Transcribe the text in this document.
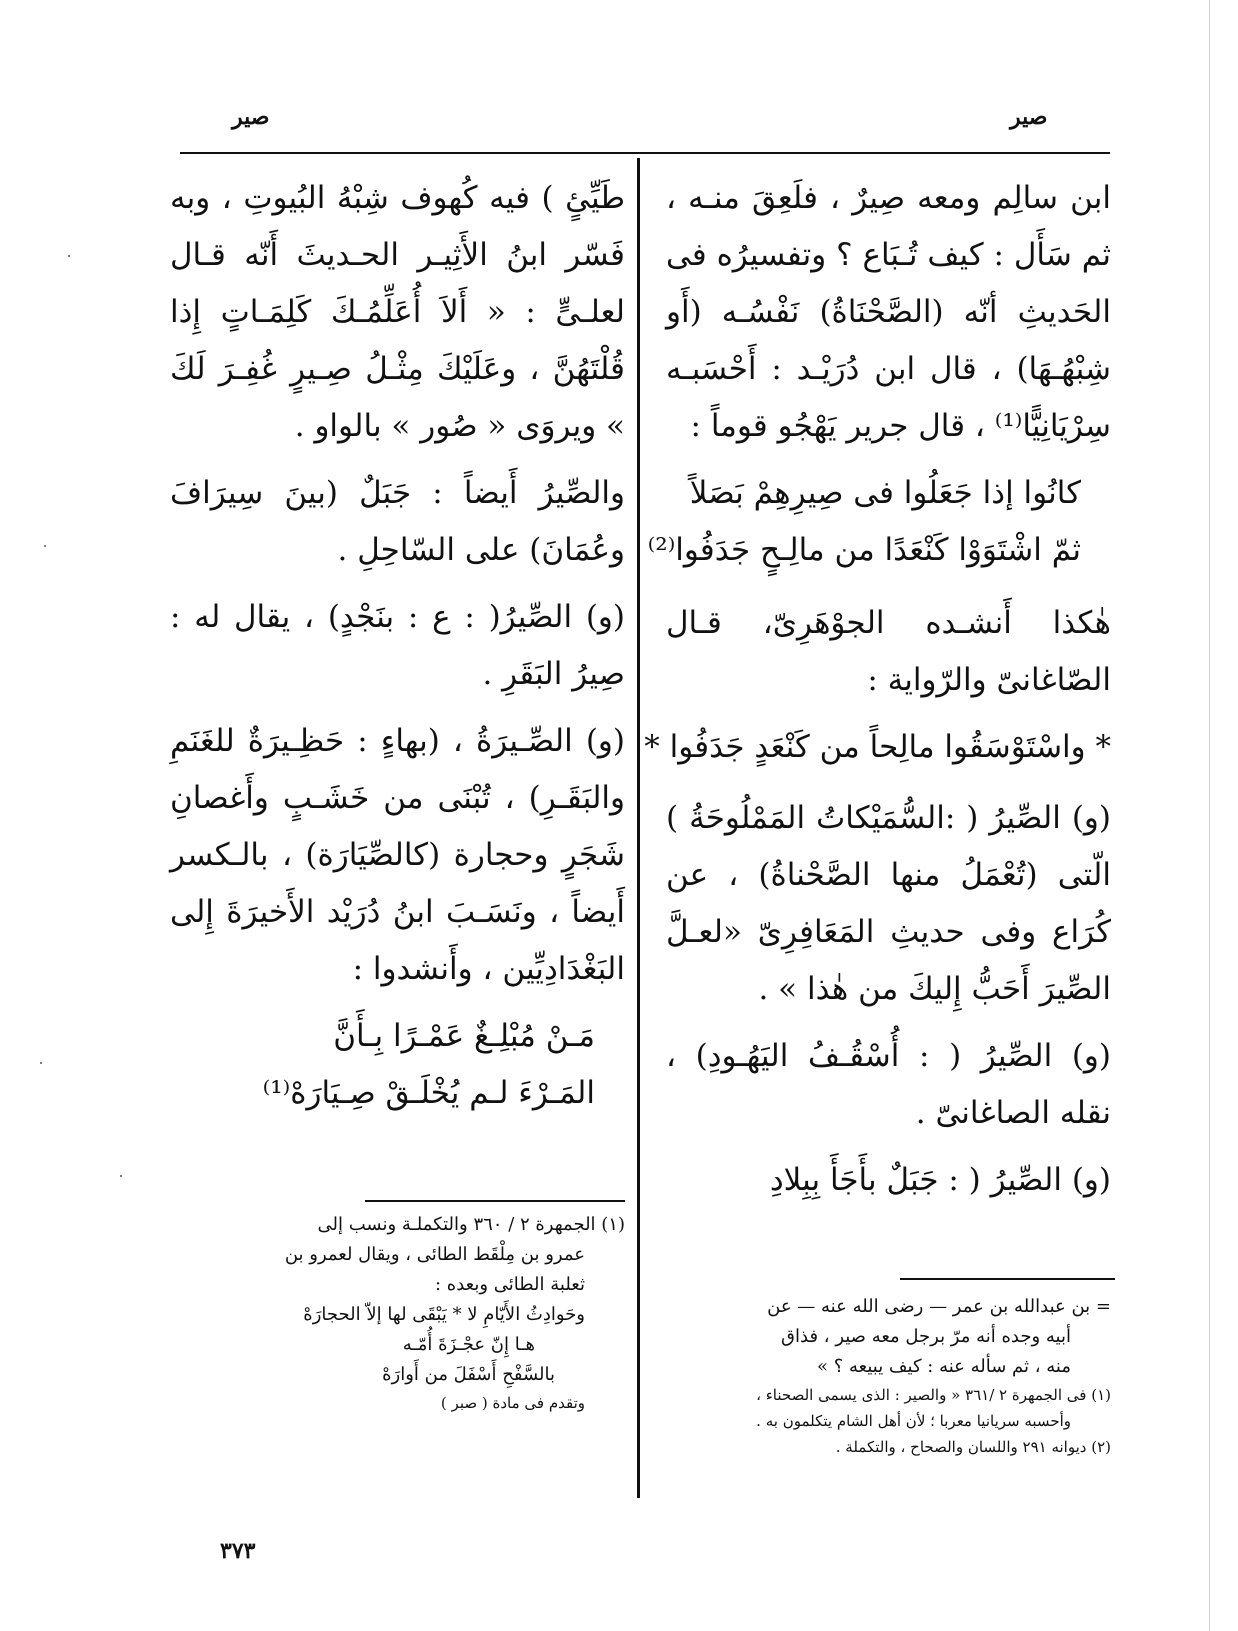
صير
صير

ابن سالِم ومعه صِيرٌ ، فلَعِقَ منـه ، ثم سَأَل : كيف تُـبَاع ؟ وتفسيرُه فى الحَديثِ أنّه (الصَّحْنَاةُ) نَفْسُـه (أَو شِبْهُـهَا) ، قال ابن دُرَيْـد : أَحْسَبـه سِرْيَانِيًّا⁽¹⁾ ، قال جرير يَهْجُو قوماً :

كانُوا إذا جَعَلُوا فى صِيرِهِمْ بَصَلاً
ثمّ اشْتَوَوْا كَنْعَدًا من مالِـحٍ جَدَفُوا⁽²⁾

هٰكذا أَنشـده الجوْهَرِىّ، قـال الصّاغانىّ والرّواية :

* واسْتَوْسَقُوا مالِحاً من كَنْعَدٍ جَدَفُوا *

(و) الصِّيرُ ( :السُّمَيْكاتُ المَمْلُوحَةُ ) الّتى (تُعْمَلُ منها الصَّحْناةُ) ، عن كُرَاع وفى حديثِ المَعَافِرِىّ «لعـلَّ الصِّيرَ أَحَبُّ إِليكَ من هٰذا » .

(و) الصِّيرُ ( : أُسْقُـفُ اليَهُـودِ) ، نقله الصاغانىّ .

(و) الصِّيرُ ( : جَبَلٌ بأَجَأَ بِبِلادِ

طَيِّئٍ ) فيه كُهوف شِبْهُ البُيوتِ ، وبه فَسّر ابنُ الأَثِيـر الحـديثَ أَنّه قـال لعلـىٍّ : « أَلاَ أُعَلِّمُـكَ كَلِمَـاتٍ إِذا قُلْتَهُنَّ ، وعَلَيْكَ مِثْـلُ صِـيرٍ غُفِـرَ لَكَ » ويروَى « صُور » بالواو .

والصِّيرُ أَيضاً : جَبَلٌ (بينَ سِيرَافَ وعُمَانَ) على السّاحِلِ .

(و) الصِّيرُ( : ع : بنَجْدٍ) ، يقال له : صِيرُ البَقَرِ .

(و) الصِّـيرَةُ ، (بهاءٍ : حَظِـيرَةٌ للغَنَمِ والبَقَـرِ) ، تُبْنَى من خَشَـبٍ وأَغصانِ شَجَرٍ وحجارة (كالصِّيَارَة) ، بالـكسر أَيضاً ، ونَسَـبَ ابنُ دُرَيْد الأَخيرَةَ إِلى البَغْدَادِيِّين ، وأَنشدوا :

مَـنْ مُبْلِـغٌ عَمْـرًا بِـأَنَّ
المَـرْءَ لـم يُخْلَـقْ صِـيَارَهْ⁽¹⁾

(١) الجمهرة ٢ / ٣٦٠ والتكملـة ونسب إلى

عمرو بن مِلْقَط الطائى ، ويقال لعمرو بن

ثعلبة الطائى وبعده :

وحَوادِثُ الأَيّامِ لا * يَبْقَى لها إلاّ الحجارَهْ

هـا إِنّ عجْـزَةَ أُمّـه

بالسَّفْحِ أَسْفَلَ من أَوارَهْ

وتقدم فى مادة ( صبر )

= بن عبدالله بن عمر — رضى الله عنه — عن

أبيه وجده أنه مرّ برجل معه صير ، فذاق

منه ، ثم سأله عنه : كيف يبيعه ؟ »

(١) فى الجمهرة ٢ /٣٦١ « والصير : الذى يسمى الصحناء ،

وأحسبه سريانيا معربا ؛ لأن أهل الشام يتكلمون به .

(٢) ديوانه ٢٩١ واللسان والصحاح ، والتكملة .

٣٧٣
